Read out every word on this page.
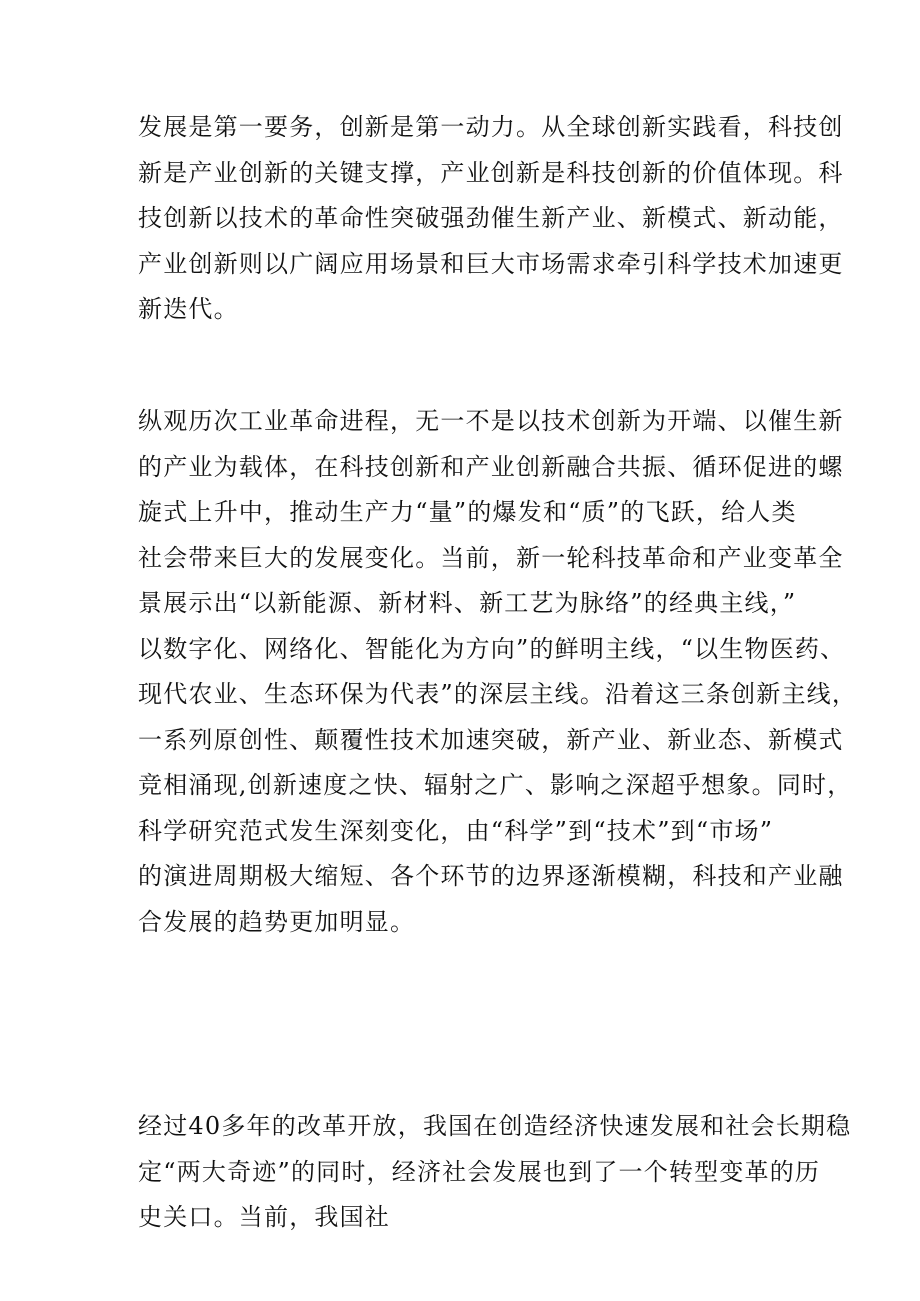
发展是第一要务，创新是第一动力。从全球创新实践看，科技创
新是产业创新的关键支撑，产业创新是科技创新的价值体现。科
技创新以技术的革命性突破强劲催生新产业、新模式、新动能，
产业创新则以广阔应用场景和巨大市场需求牵引科学技术加速更
新迭代。
纵观历次工业革命进程，无一不是以技术创新为开端、以催生新
的产业为载体，在科技创新和产业创新融合共振、循环促进的螺
旋式上升中，推动生产力“量”的爆发和“质”的飞跃，给人类
社会带来巨大的发展变化。当前，新一轮科技革命和产业变革全
景展示出“以新能源、新材料、新工艺为脉络”的经典主线，”
以数字化、网络化、智能化为方向”的鲜明主线，“以生物医药、
现代农业、生态环保为代表”的深层主线。沿着这三条创新主线，
一系列原创性、颠覆性技术加速突破，新产业、新业态、新模式
竞相涌现,创新速度之快、辐射之广、影响之深超乎想象。同时，
科学研究范式发生深刻变化，由“科学”到“技术”到“市场”
的演进周期极大缩短、各个环节的边界逐渐模糊，科技和产业融
合发展的趋势更加明显。
经过40多年的改革开放，我国在创造经济快速发展和社会长期稳
定“两大奇迹”的同时，经济社会发展也到了一个转型变革的历
史关口。当前，我国社
